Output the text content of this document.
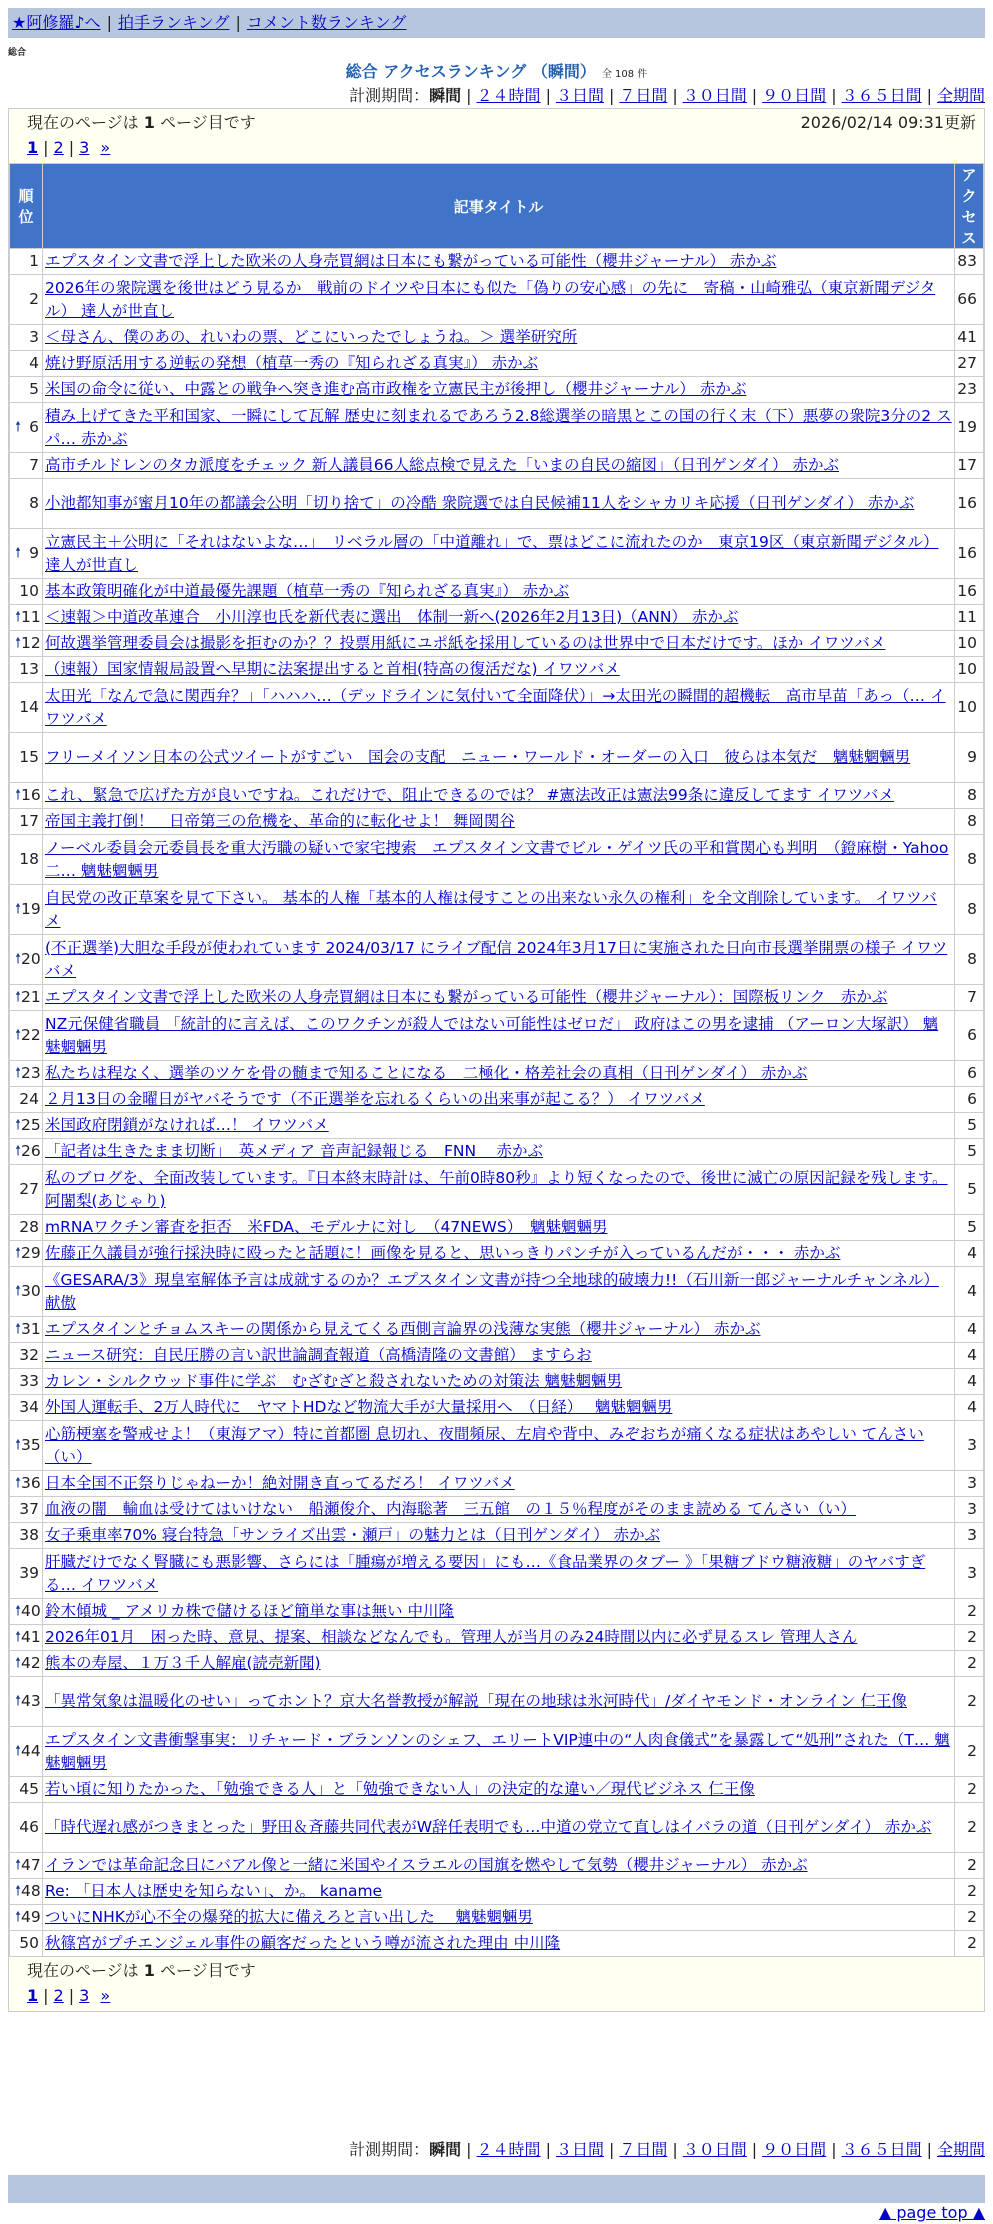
★阿修羅♪へ | 拍手ランキング | コメント数ランキング
総合
総合 アクセスランキング （瞬間） 全 108 件
計測期間：瞬間 | ２４時間 | ３日間 | ７日間 | ３０日間 | ９０日間 | ３６５日間 | 全期間
現在のページは 1 ページ目です	2026/02/14 09:31更新
1 | 2 | 3 »
順位	記事タイトル	アクセス
1	エプスタイン文書で浮上した欧米の人身売買網は日本にも繋がっている可能性（櫻井ジャーナル） 赤かぶ	83
2	2026年の衆院選を後世はどう見るか　戦前のドイツや日本にも似た「偽りの安心感」の先に　寄稿・山崎雅弘（東京新聞デジタル） 達人が世直し	66
3	＜母さん、僕のあの、れいわの票、どこにいったでしょうね。＞ 選挙研究所	41
4	焼け野原活用する逆転の発想（植草一秀の『知られざる真実』） 赤かぶ	27
5	米国の命令に従い、中露との戦争へ突き進む高市政権を立憲民主が後押し（櫻井ジャーナル） 赤かぶ	23

🠕 6	積み上げてきた平和国家、一瞬にして瓦解 歴史に刻まれるであろう2.8総選挙の暗黒とこの国の行く末（下）悪夢の衆院3分の2 スパ… 赤かぶ	19
7	高市チルドレンのタカ派度をチェック 新人議員66人総点検で見えた「いまの自民の縮図」（日刊ゲンダイ） 赤かぶ	17
8	小池都知事が蜜月10年の都議会公明「切り捨て」の冷酷 衆院選では自民候補11人をシャカリキ応援（日刊ゲンダイ） 赤かぶ	16

🠕 9	立憲民主＋公明に「それはないよな…」　リベラル層の「中道離れ」で、票はどこに流れたのか　東京19区（東京新聞デジタル） 達人が世直し	16
10	基本政策明確化が中道最優先課題（植草一秀の『知られざる真実』） 赤かぶ	16

🠕 11	＜速報＞中道改革連合　小川淳也氏を新代表に選出　体制一新へ(2026年2月13日)（ANN） 赤かぶ	11

🠕 12	何故選挙管理委員会は撮影を拒むのか？？投票用紙にユポ紙を採用しているのは世界中で日本だけです。ほか イワツバメ	10
13	（速報）国家情報局設置へ早期に法案提出すると首相(特高の復活だな) イワツバメ	10
14	太田光「なんで急に関西弁？」「ハハハ…（デッドラインに気付いて全面降伏）」→太田光の瞬間的超機転　高市早苗「あっ（… イワツバメ	10
15	フリーメイソン日本の公式ツイートがすごい　国会の支配　ニュー・ワールド・オーダーの入口　彼らは本気だ　魑魅魍魎男	9

🠕 16	これ、緊急で広げた方が良いですね。これだけで、阻止できるのでは？ #憲法改正は憲法99条に違反してます イワツバメ	8
17	帝国主義打倒！　日帝第三の危機を、革命的に転化せよ！ 舞岡関谷	8
18	ノーベル委員会元委員長を重大汚職の疑いで家宅捜索　エプスタイン文書でビル・ゲイツ氏の平和賞関心も判明　（鐙麻樹・Yahoo二… 魑魅魍魎男	8

🠕 19	自民党の改正草案を見て下さい。 基本的人権「基本的人権は侵すことの出来ない永久の権利」を全文削除しています。 イワツバメ	8

🠕 20	(不正選挙)大胆な手段が使われています 2024/03/17 にライブ配信 2024年3月17日に実施された日向市長選挙開票の様子 イワツバメ	8

🠕 21	エプスタイン文書で浮上した欧米の人身売買網は日本にも繋がっている可能性（櫻井ジャーナル）：国際板リンク　赤かぶ	7

🠕 22	NZ元保健省職員 「統計的に言えば、このワクチンが殺人ではない可能性はゼロだ」 政府はこの男を逮捕 （アーロン大塚訳） 魑魅魍魎男	6

🠕 23	私たちは程なく、選挙のツケを骨の髄まで知ることになる　二極化・格差社会の真相（日刊ゲンダイ） 赤かぶ	6
24	２月13日の金曜日がヤバそうです（不正選挙を忘れるくらいの出来事が起こる？） イワツバメ	6

🠕 25	米国政府閉鎖がなければ…！ イワツバメ	5

🠕 26	「記者は生きたまま切断」　英メディア 音声記録報じる　FNN　 赤かぶ	5
27	私のブログを、全面改装しています。『日本終末時計は、午前0時80秒』より短くなったので、後世に滅亡の原因記録を残します。 阿闍梨(あじゃり)	5
28	mRNAワクチン審査を拒否　米FDA、モデルナに対し　（47NEWS）　魑魅魍魎男	5

🠕 29	佐藤正久議員が強行採決時に殴ったと話題に！画像を見ると、思いっきりパンチが入っているんだが・・・ 赤かぶ	4

🠕 30	《GESARA/3》現皇室解体予言は成就するのか？エプスタイン文書が持つ全地球的破壊力!!（石川新一郎ジャーナルチャンネル） 献傲	4

🠕 31	エプスタインとチョムスキーの関係から見えてくる西側言論界の浅薄な実態（櫻井ジャーナル） 赤かぶ	4
32	ニュース研究：自民圧勝の言い訳世論調査報道（高橋清隆の文書館） ますらお	4
33	カレン・シルクウッド事件に学ぶ　むざむざと殺されないための対策法 魑魅魍魎男	4
34	外国人運転手、2万人時代に　ヤマトHDなど物流大手が大量採用へ　（日経）　 魑魅魍魎男	4

🠕 35	心筋梗塞を警戒せよ！（東海アマ）特に首都圏 息切れ、夜間頻尿、左肩や背中、みぞおちが痛くなる症状はあやしい てんさい（い）	3

🠕 36	日本全国不正祭りじゃねーか！絶対開き直ってるだろ！ イワツバメ	3
37	血液の闇　輸血は受けてはいけない　船瀬俊介、内海聡著　三五館　の１５％程度がそのまま読める てんさい（い）	3
38	女子乗車率70% 寝台特急「サンライズ出雲・瀬戸」の魅力とは（日刊ゲンダイ） 赤かぶ	3
39	肝臓だけでなく腎臓にも悪影響、さらには「腫瘍が増える要因」にも…《食品業界のタブー 》「果糖ブドウ糖液糖」のヤバすぎる… イワツバメ	3

🠕 40	鈴木傾城 _ アメリカ株で儲けるほど簡単な事は無い 中川隆	2

🠕 41	2026年01月　困った時、意見、提案、相談などなんでも。管理人が当月のみ24時間以内に必ず見るスレ 管理人さん	2

🠕 42	熊本の寿屋、１万３千人解雇(読売新聞)	2

🠕 43	「異常気象は温暖化のせい」ってホント？京大名誉教授が解説「現在の地球は氷河時代」/ダイヤモンド・オンライン 仁王像	2

🠕 44	エプスタイン文書衝撃事実：リチャード・ブランソンのシェフ、エリートVIP連中の“人肉食儀式”を暴露して“処刑”された（T… 魑魅魍魎男	2
45	若い頃に知りたかった、「勉強できる人」と「勉強できない人」の決定的な違い／現代ビジネス 仁王像	2
46	「時代遅れ感がつきまとった」野田＆斉藤共同代表がW辞任表明でも…中道の党立て直しはイバラの道（日刊ゲンダイ） 赤かぶ	2

🠕 47	イランでは革命記念日にバアル像と一緒に米国やイスラエルの国旗を燃やして気勢（櫻井ジャーナル） 赤かぶ	2

🠕 48	Re: 「日本人は歴史を知らない」、か。 kaname	2

🠕 49	ついにNHKが心不全の爆発的拡大に備えろと言い出した　 魑魅魍魎男	2
50	秋篠宮がプチエンジェル事件の顧客だったという噂が流された理由 中川隆	2
現在のページは 1 ページ目です
1 | 2 | 3 »
計測期間：瞬間 | ２４時間 | ３日間 | ７日間 | ３０日間 | ９０日間 | ３６５日間 | 全期間
▲ page top ▲
